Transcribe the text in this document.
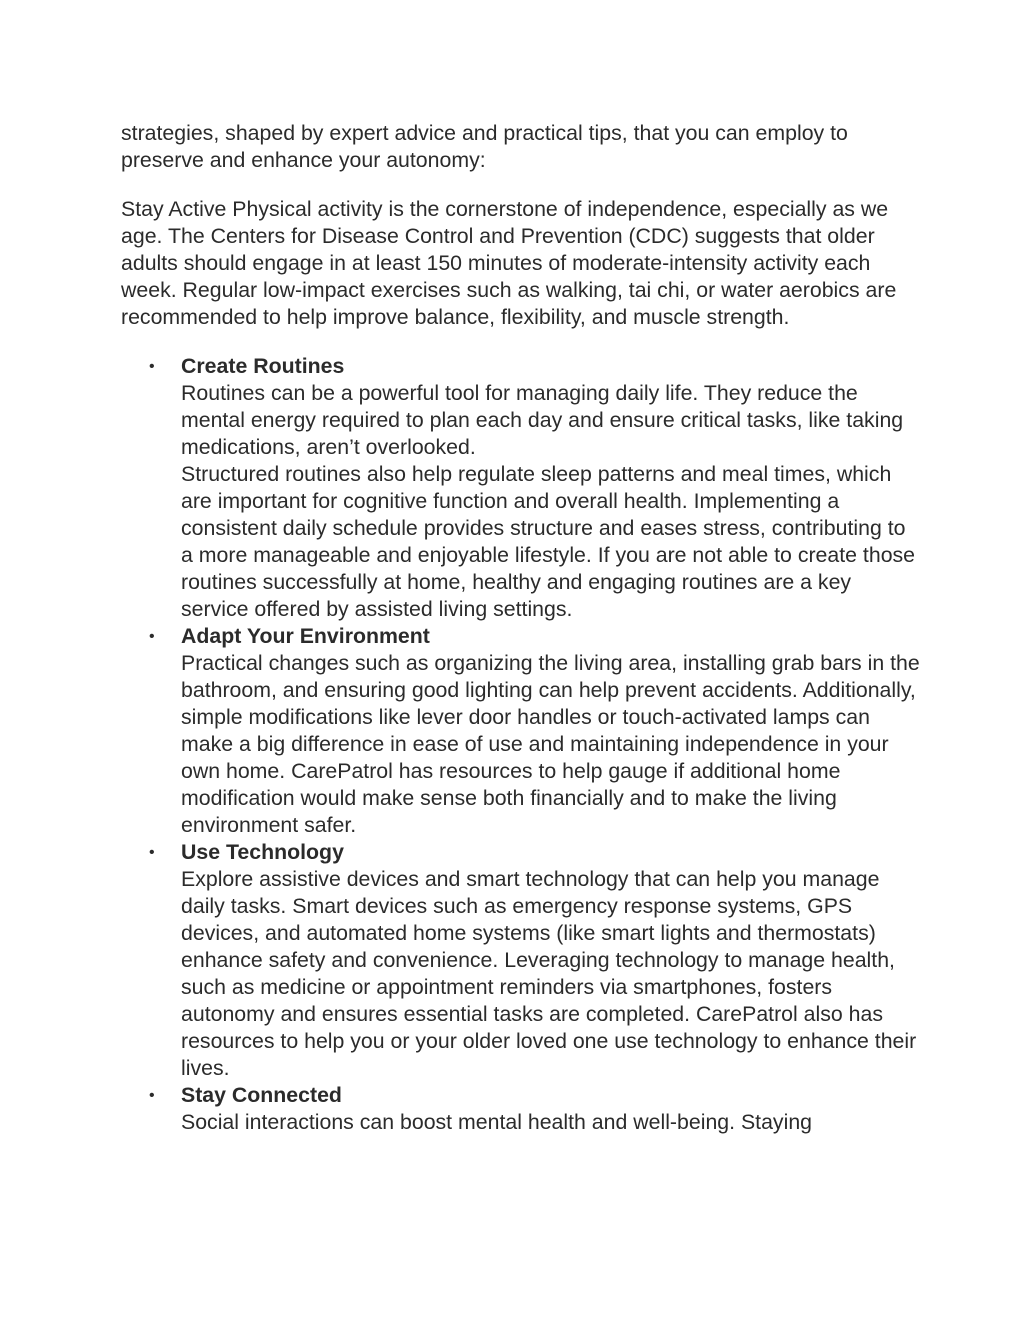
strategies, shaped by expert advice and practical tips, that you can employ to preserve and enhance your autonomy:

Stay Active Physical activity is the cornerstone of independence, especially as we age. The Centers for Disease Control and Prevention (CDC) suggests that older adults should engage in at least 150 minutes of moderate-intensity activity each week. Regular low-impact exercises such as walking, tai chi, or water aerobics are recommended to help improve balance, flexibility, and muscle strength.

• Create Routines
Routines can be a powerful tool for managing daily life. They reduce the mental energy required to plan each day and ensure critical tasks, like taking medications, aren’t overlooked.
Structured routines also help regulate sleep patterns and meal times, which are important for cognitive function and overall health. Implementing a consistent daily schedule provides structure and eases stress, contributing to a more manageable and enjoyable lifestyle. If you are not able to create those routines successfully at home, healthy and engaging routines are a key service offered by assisted living settings.
• Adapt Your Environment
Practical changes such as organizing the living area, installing grab bars in the bathroom, and ensuring good lighting can help prevent accidents. Additionally, simple modifications like lever door handles or touch-activated lamps can make a big difference in ease of use and maintaining independence in your own home. CarePatrol has resources to help gauge if additional home modification would make sense both financially and to make the living environment safer.
• Use Technology
Explore assistive devices and smart technology that can help you manage daily tasks. Smart devices such as emergency response systems, GPS devices, and automated home systems (like smart lights and thermostats) enhance safety and convenience. Leveraging technology to manage health, such as medicine or appointment reminders via smartphones, fosters autonomy and ensures essential tasks are completed. CarePatrol also has resources to help you or your older loved one use technology to enhance their lives.
• Stay Connected
Social interactions can boost mental health and well-being. Staying
